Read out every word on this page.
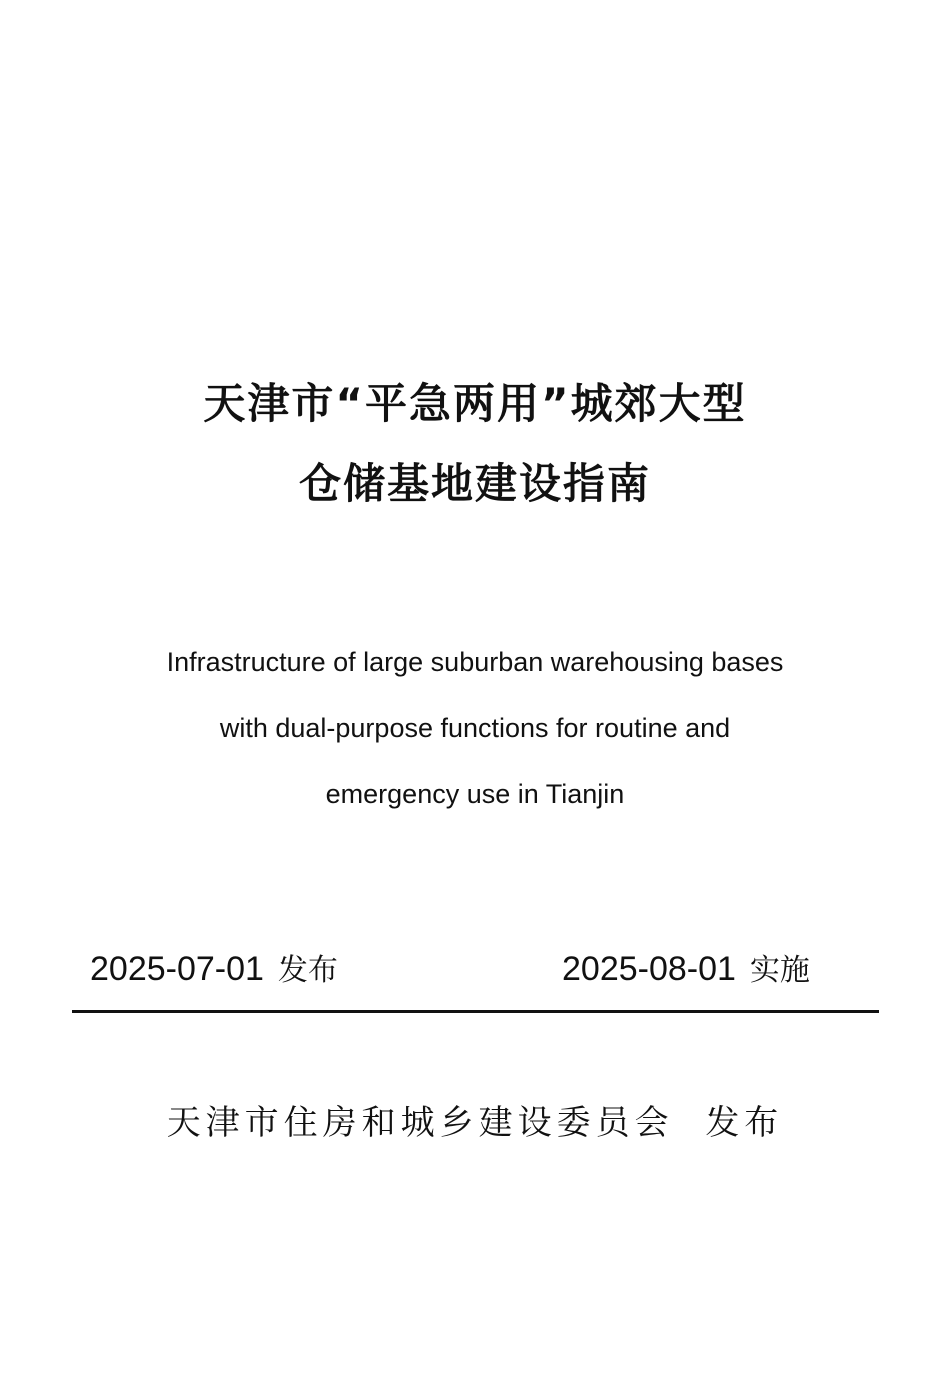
天津市“平急两用”城郊大型
仓储基地建设指南
Infrastructure of large suburban warehousing bases
with dual-purpose functions for routine and
emergency use in Tianjin
2025-07-01 发布	2025-08-01 实施
天津市住房和城乡建设委员会 发布
